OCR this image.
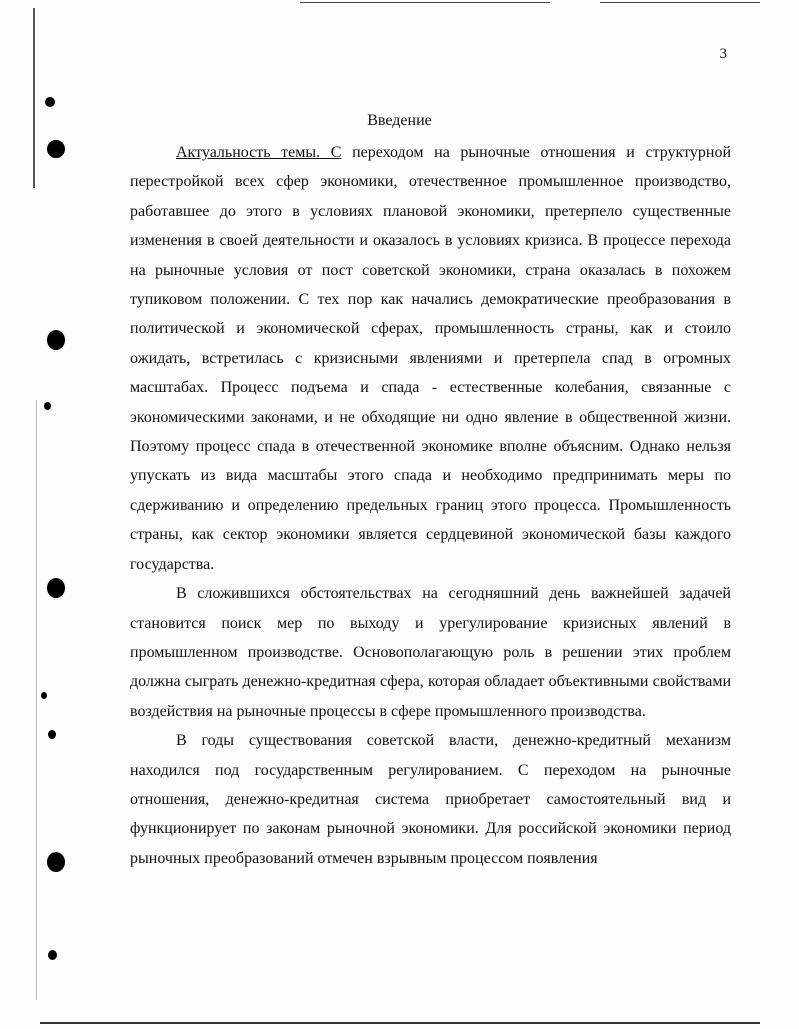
3
Введение

Актуальность темы. С переходом на рыночные отношения и структурной перестройкой всех сфер экономики, отечественное промышленное производство, работавшее до этого в условиях плановой экономики, претерпело существенные изменения в своей деятельности и оказалось в условиях кризиса. В процессе перехода на рыночные условия от пост советской экономики, страна оказалась в похожем тупиковом положении. С тех пор как начались демократические преобразования в политической и экономической сферах, промышленность страны, как и стоило ожидать, встретилась с кризисными явлениями и претерпела спад в огромных масштабах. Процесс подъема и спада - естественные колебания, связанные с экономическими законами, и не обходящие ни одно явление в общественной жизни. Поэтому процесс спада в отечественной экономике вполне объясним. Однако нельзя упускать из вида масштабы этого спада и необходимо предпринимать меры по сдерживанию и определению предельных границ этого процесса. Промышленность страны, как сектор экономики является сердцевиной экономической базы каждого государства.

В сложившихся обстоятельствах на сегодняшний день важнейшей задачей становится поиск мер по выходу и урегулирование кризисных явлений в промышленном производстве. Основополагающую роль в решении этих проблем должна сыграть денежно-кредитная сфера, которая обладает объективными свойствами воздействия на рыночные процессы в сфере промышленного производства.

В годы существования советской власти, денежно-кредитный механизм находился под государственным регулированием. С переходом на рыночные отношения, денежно-кредитная система приобретает самостоятельный вид и функционирует по законам рыночной экономики. Для российской экономики период рыночных преобразований отмечен взрывным процессом появления
